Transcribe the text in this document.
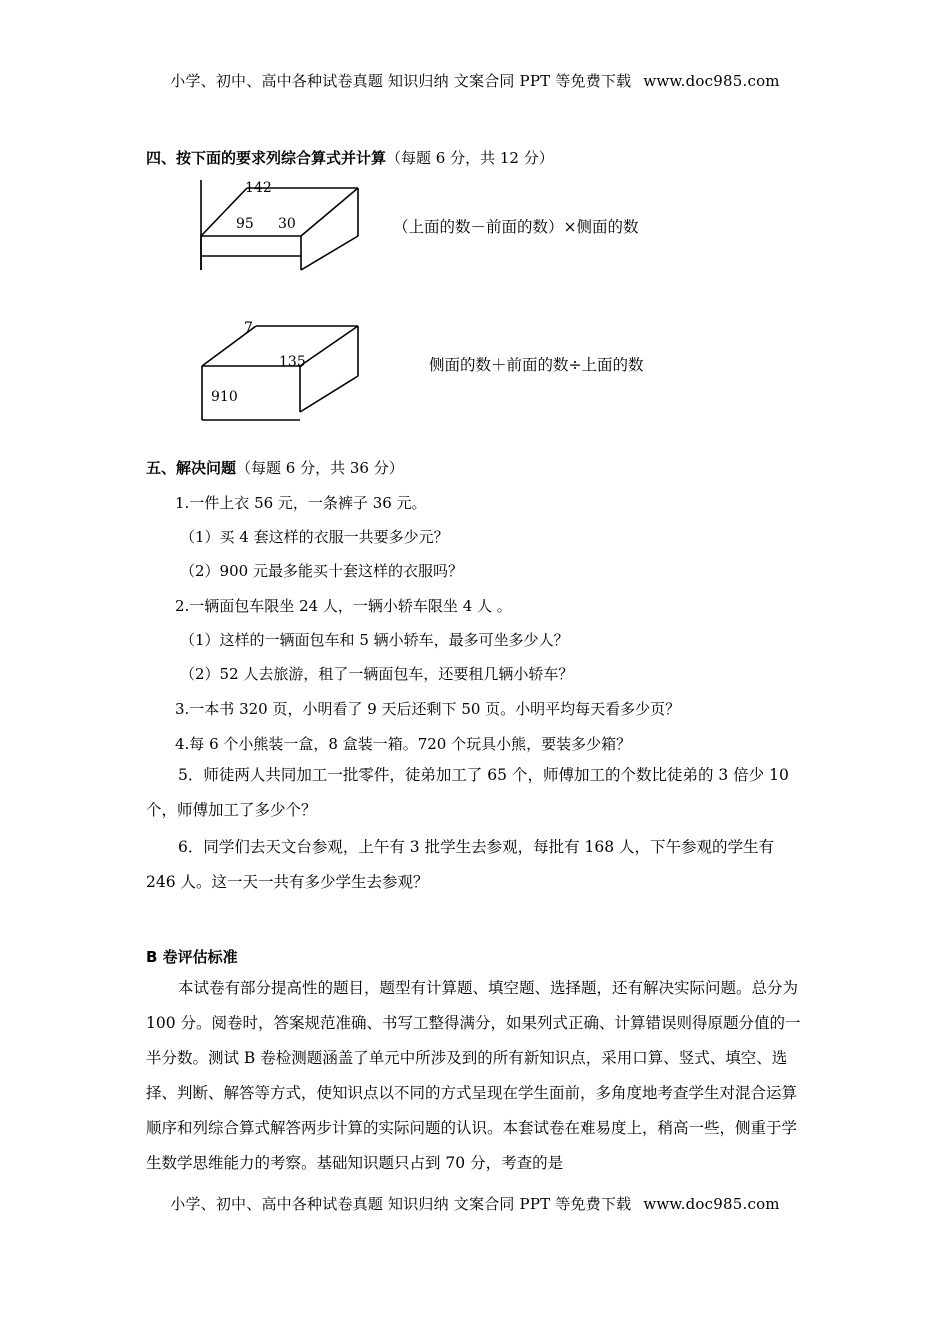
小学、初中、高中各种试卷真题 知识归纳 文案合同 PPT 等免费下载 www.doc985.com
四、按下面的要求列综合算式并计算（每题 6 分，共 12 分）
142
95 30	（上面的数－前面的数）×侧面的数
7
135
910
侧面的数＋前面的数÷上面的数
五、解决问题（每题 6 分，共 36 分）
1.一件上衣 56 元，一条裤子 36 元。
（1）买 4 套这样的衣服一共要多少元？
（2）900 元最多能买十套这样的衣服吗？
2.一辆面包车限坐 24 人，一辆小轿车限坐 4 人 。
（1）这样的一辆面包车和 5 辆小轿车，最多可坐多少人？
（2）52 人去旅游，租了一辆面包车，还要租几辆小轿车？
3.一本书 320 页，小明看了 9 天后还剩下 50 页。小明平均每天看多少页？
4.每 6 个小熊装一盒，8 盒装一箱。720 个玩具小熊，要装多少箱？
5．师徒两人共同加工一批零件，徒弟加工了 65 个，师傅加工的个数比徒弟的 3 倍少 10 个，师傅加工了多少个？
6．同学们去天文台参观，上午有 3 批学生去参观，每批有 168 人，下午参观的学生有 246 人。这一天一共有多少学生去参观？
B 卷评估标准
本试卷有部分提高性的题目，题型有计算题、填空题、选择题，还有解决实际问题。总分为 100 分。阅卷时，答案规范准确、书写工整得满分，如果列式正确、计算错误则得原题分值的一半分数。测试 B 卷检测题涵盖了单元中所涉及到的所有新知识点，采用口算、竖式、填空、选择、判断、解答等方式，使知识点以不同的方式呈现在学生面前，多角度地考查学生对混合运算顺序和列综合算式解答两步计算的实际问题的认识。本套试卷在难易度上，稍高一些，侧重于学生数学思维能力的考察。基础知识题只占到 70 分，考查的是
小学、初中、高中各种试卷真题 知识归纳 文案合同 PPT 等免费下载 www.doc985.com
